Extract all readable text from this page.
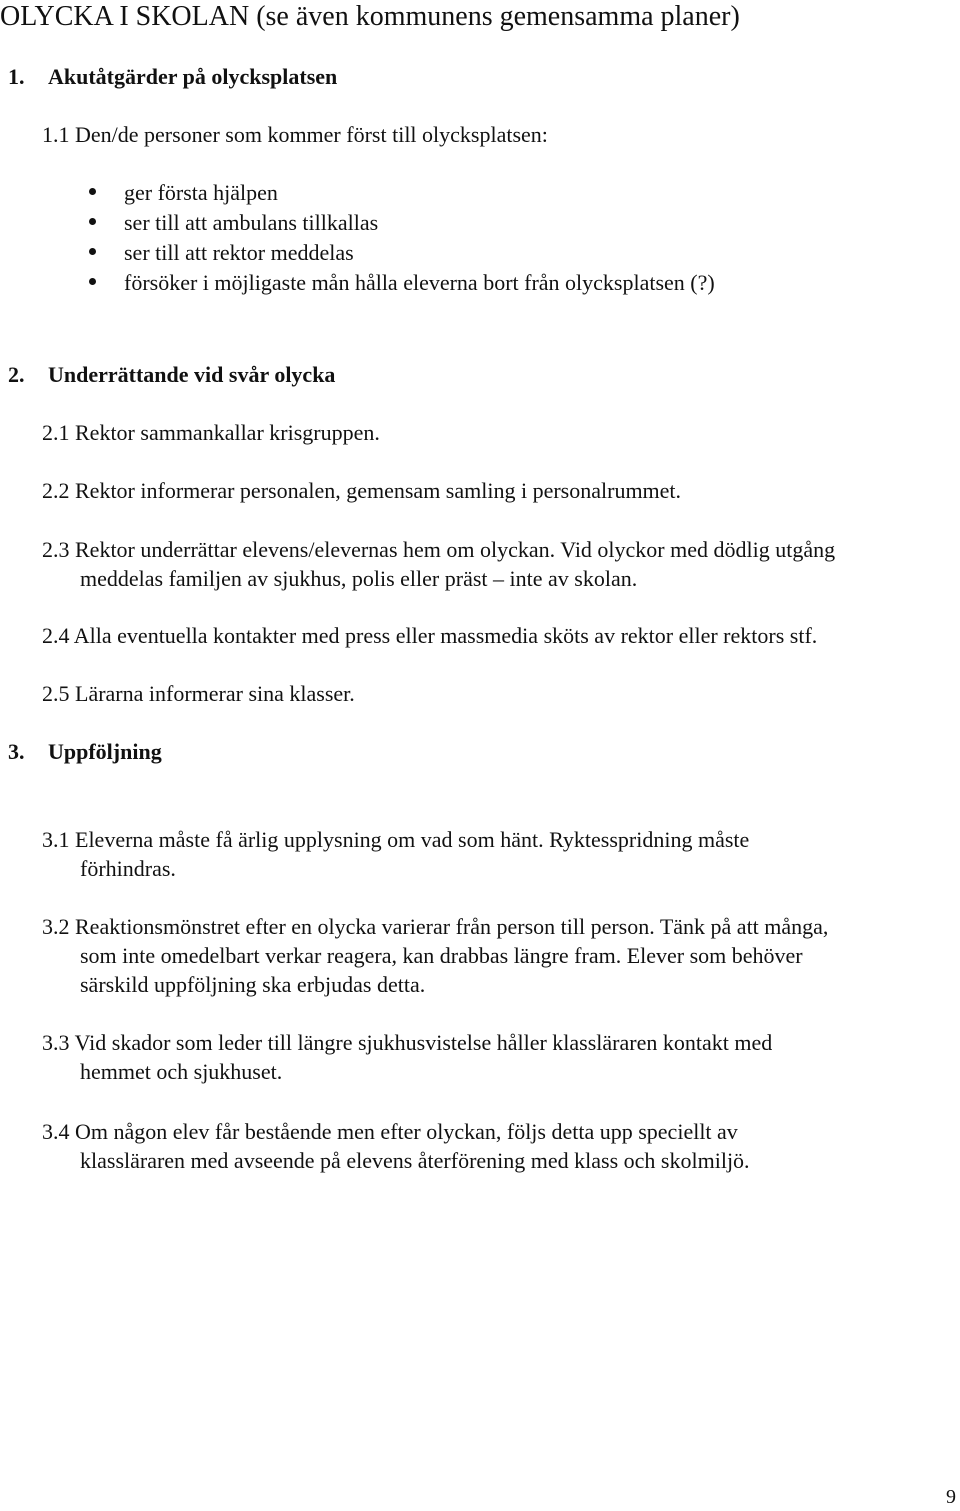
OLYCKA I SKOLAN (se även kommunens gemensamma planer)
1. Akutåtgärder på olycksplatsen
1.1 Den/de personer som kommer först till olycksplatsen:
ger första hjälpen
ser till att ambulans tillkallas
ser till att rektor meddelas
försöker i möjligaste mån hålla eleverna bort från olycksplatsen (?)
2. Underrättande vid svår olycka
2.1 Rektor sammankallar krisgruppen.
2.2 Rektor informerar personalen, gemensam samling i personalrummet.
2.3 Rektor underrättar elevens/elevernas hem om olyckan. Vid olyckor med dödlig utgång
meddelas familjen av sjukhus, polis eller präst – inte av skolan.
2.4 Alla eventuella kontakter med press eller massmedia sköts av rektor eller rektors stf.
2.5 Lärarna informerar sina klasser.
3. Uppföljning
3.1 Eleverna måste få ärlig upplysning om vad som hänt. Ryktesspridning måste
förhindras.
3.2 Reaktionsmönstret efter en olycka varierar från person till person. Tänk på att många,
som inte omedelbart verkar reagera, kan drabbas längre fram. Elever som behöver
särskild uppföljning ska erbjudas detta.
3.3 Vid skador som leder till längre sjukhusvistelse håller klassläraren kontakt med
hemmet och sjukhuset.
3.4 Om någon elev får bestående men efter olyckan, följs detta upp speciellt av
klassläraren med avseende på elevens återförening med klass och skolmiljö.
9
